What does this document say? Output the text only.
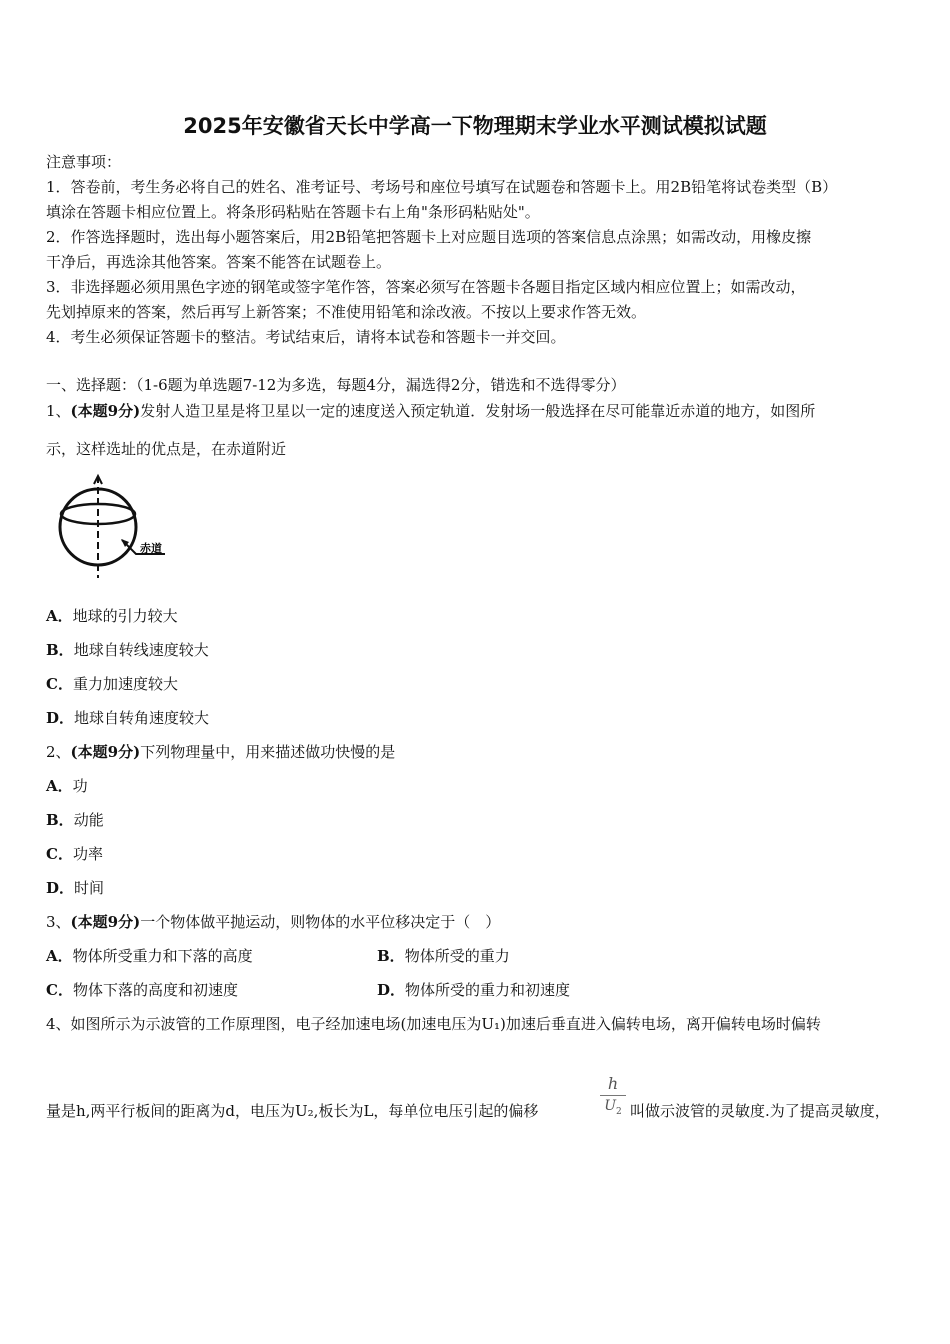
2025年安徽省天长中学高一下物理期末学业水平测试模拟试题
注意事项：
1．答卷前，考生务必将自己的姓名、准考证号、考场号和座位号填写在试题卷和答题卡上。用2B铅笔将试卷类型（B）
填涂在答题卡相应位置上。将条形码粘贴在答题卡右上角"条形码粘贴处"。
2．作答选择题时，选出每小题答案后，用2B铅笔把答题卡上对应题目选项的答案信息点涂黑；如需改动，用橡皮擦
干净后，再选涂其他答案。答案不能答在试题卷上。
3．非选择题必须用黑色字迹的钢笔或签字笔作答，答案必须写在答题卡各题目指定区域内相应位置上；如需改动，
先划掉原来的答案，然后再写上新答案；不准使用铅笔和涂改液。不按以上要求作答无效。
4．考生必须保证答题卡的整洁。考试结束后，请将本试卷和答题卡一并交回。
一、选择题：（1-6题为单选题7-12为多选，每题4分，漏选得2分，错选和不选得零分）
1、(本题9分)发射人造卫星是将卫星以一定的速度送入预定轨道．发射场一般选择在尽可能靠近赤道的地方，如图所
示，这样选址的优点是，在赤道附近
赤道
A．地球的引力较大
B．地球自转线速度较大
C．重力加速度较大
D．地球自转角速度较大
2、(本题9分)下列物理量中，用来描述做功快慢的是
A．功
B．动能
C．功率
D．时间
3、(本题9分)一个物体做平抛运动，则物体的水平位移决定于（　）
A．物体所受重力和下落的高度	B．物体所受的重力
C．物体下落的高度和初速度	D．物体所受的重力和初速度
4、如图所示为示波管的工作原理图，电子经加速电场(加速电压为U₁)加速后垂直进入偏转电场，离开偏转电场时偏转
量是h,两平行板间的距离为d，电压为U₂,板长为L，每单位电压引起的偏移
h
$U_2$ 叫做示波管的灵敏度.为了提高灵敏度，
